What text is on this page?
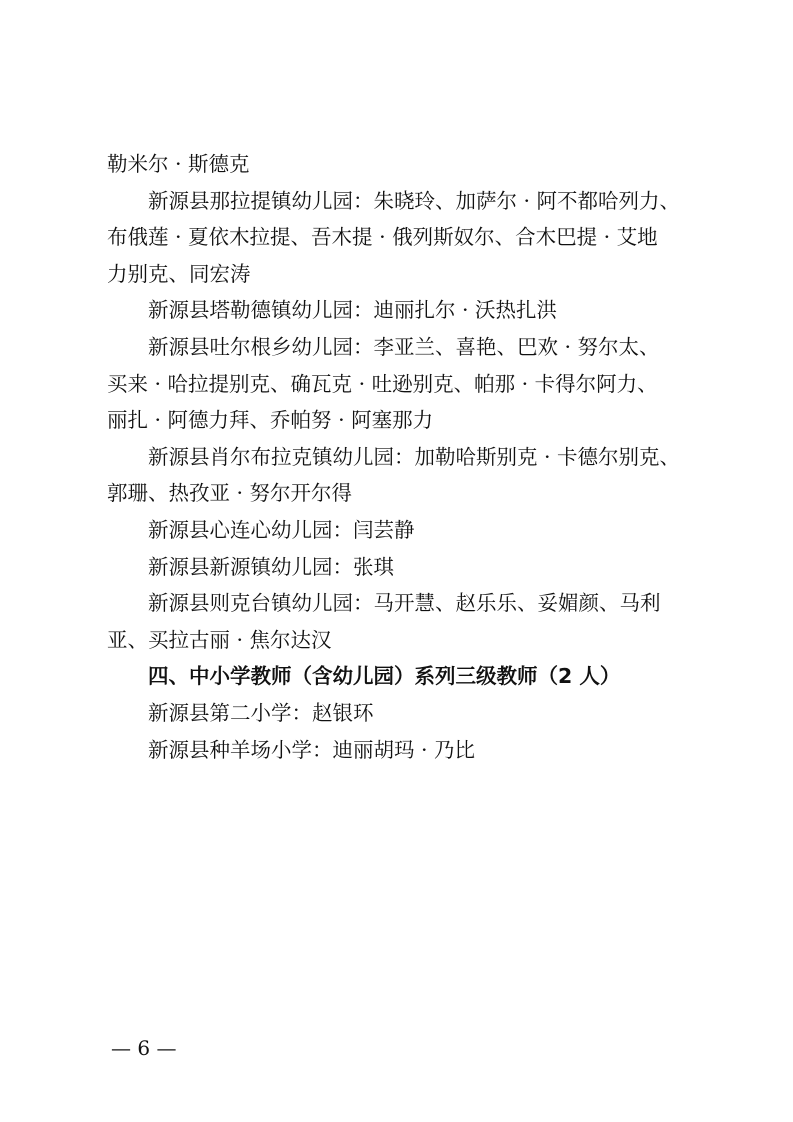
勒米尔 · 斯德克
新源县那拉提镇幼儿园：朱晓玲、加萨尔 · 阿不都哈列力、
布俄莲 · 夏依木拉提、吾木提 · 俄列斯奴尔、合木巴提 · 艾地
力别克、同宏涛
新源县塔勒德镇幼儿园：迪丽扎尔 · 沃热扎洪
新源县吐尔根乡幼儿园：李亚兰、喜艳、巴欢 · 努尔太、
买来 · 哈拉提别克、确瓦克 · 吐逊别克、帕那 · 卡得尔阿力、
丽扎 · 阿德力拜、乔帕努 · 阿塞那力
新源县肖尔布拉克镇幼儿园：加勒哈斯别克 · 卡德尔别克、
郭珊、热孜亚 · 努尔开尔得
新源县心连心幼儿园：闫芸静
新源县新源镇幼儿园：张琪
新源县则克台镇幼儿园：马开慧、赵乐乐、妥媚颜、马利
亚、买拉古丽 · 焦尔达汉
四、中小学教师（含幼儿园）系列三级教师（2 人）
新源县第二小学：赵银环
新源县种羊场小学：迪丽胡玛 · 乃比
— 6 —
